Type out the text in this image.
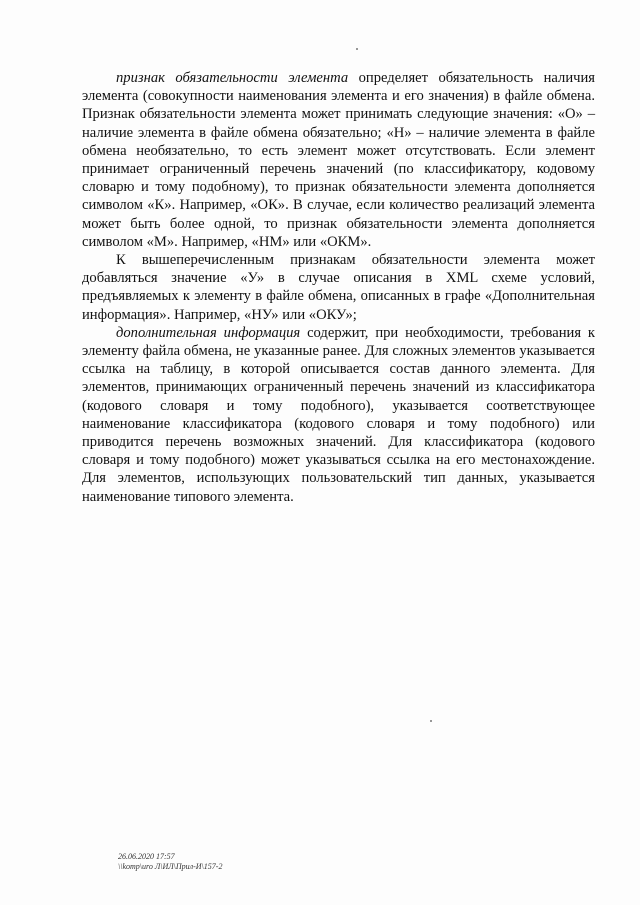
признак обязательности элемента определяет обязательность наличия элемента (совокупности наименования элемента и его значения) в файле обмена. Признак обязательности элемента может принимать следующие значения: «О» – наличие элемента в файле обмена обязательно; «Н» – наличие элемента в файле обмена необязательно, то есть элемент может отсутствовать. Если элемент принимает ограниченный перечень значений (по классификатору, кодовому словарю и тому подобному), то признак обязательности элемента дополняется символом «К». Например, «ОК». В случае, если количество реализаций элемента может быть более одной, то признак обязательности элемента дополняется символом «М». Например, «НМ» или «ОКМ».

К вышеперечисленным признакам обязательности элемента может добавляться значение «У» в случае описания в XML схеме условий, предъявляемых к элементу в файле обмена, описанных в графе «Дополнительная информация». Например, «НУ» или «ОКУ»;

дополнительная информация содержит, при необходимости, требования к элементу файла обмена, не указанные ранее. Для сложных элементов указывается ссылка на таблицу, в которой описывается состав данного элемента. Для элементов, принимающих ограниченный перечень значений из классификатора (кодового словаря и тому подобного), указывается соответствующее наименование классификатора (кодового словаря и тому подобного) или приводится перечень возможных значений. Для классификатора (кодового словаря и тому подобного) может указываться ссылка на его местонахождение. Для элементов, использующих пользовательский тип данных, указывается наименование типового элемента.

26.06.2020 17:57
\\komp\uro Л\ИЛ\Прил-И\157-2
